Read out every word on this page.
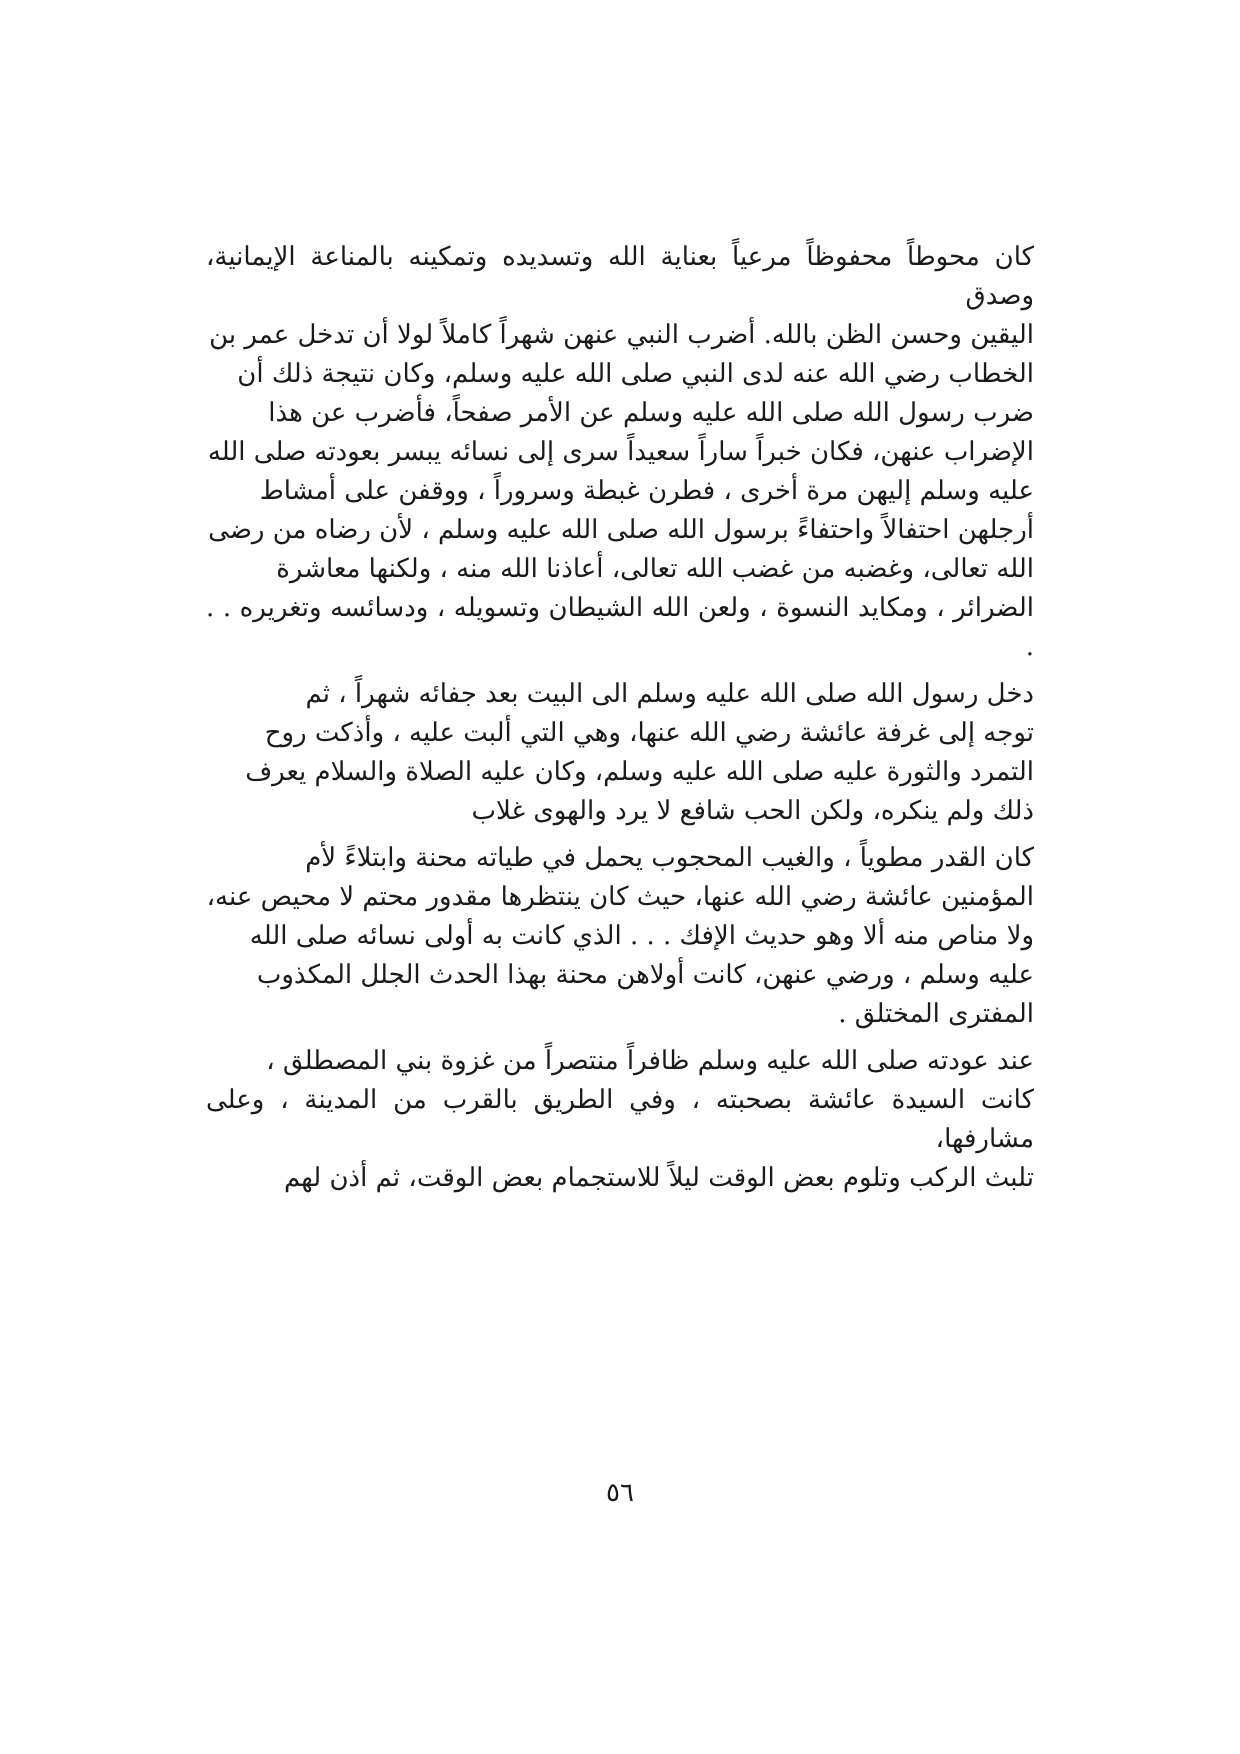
كان محوطاً محفوظاً مرعياً بعناية الله وتسديده وتمكينه بالمناعة الإيمانية، وصدق
اليقين وحسن الظن بالله. أضرب النبي عنهن شهراً كاملاً لولا أن تدخل عمر بن
الخطاب رضي الله عنه لدى النبي صلى الله عليه وسلم، وكان نتيجة ذلك أن
ضرب رسول الله صلى الله عليه وسلم عن الأمر صفحاً، فأضرب عن هذا
الإضراب عنهن، فكان خبراً ساراً سعيداً سرى إلى نسائه يبسر بعودته صلى الله
عليه وسلم إليهن مرة أخرى ، فطرن غبطة وسروراً ، ووقفن على أمشاط
أرجلهن احتفالاً واحتفاءً برسول الله صلى الله عليه وسلم ، لأن رضاه من رضى
الله تعالى، وغضبه من غضب الله تعالى، أعاذنا الله منه ، ولكنها معاشرة
الضرائر ، ومكايد النسوة ، ولعن الله الشيطان وتسويله ، ودسائسه وتغريره . . .

دخل رسول الله صلى الله عليه وسلم الى البيت بعد جفائه شهراً ، ثم
توجه إلى غرفة عائشة رضي الله عنها، وهي التي ألبت عليه ، وأذكت روح
التمرد والثورة عليه صلى الله عليه وسلم، وكان عليه الصلاة والسلام يعرف
ذلك ولم ينكره، ولكن الحب شافع لا يرد والهوى غلاب

كان القدر مطوياً ، والغيب المحجوب يحمل في طياته محنة وابتلاءً لأم
المؤمنين عائشة رضي الله عنها، حيث كان ينتظرها مقدور محتم لا محيص عنه،
ولا مناص منه ألا وهو حديث الإفك . . . الذي كانت به أولى نسائه صلى الله
عليه وسلم ، ورضي عنهن، كانت أولاهن محنة بهذا الحدث الجلل المكذوب
المفترى المختلق .

عند عودته صلى الله عليه وسلم ظافراً منتصراً من غزوة بني المصطلق ،
كانت السيدة عائشة بصحبته ، وفي الطريق بالقرب من المدينة ، وعلى مشارفها،
تلبث الركب وتلوم بعض الوقت ليلاً للاستجمام بعض الوقت، ثم أذن لهم

٥٦
